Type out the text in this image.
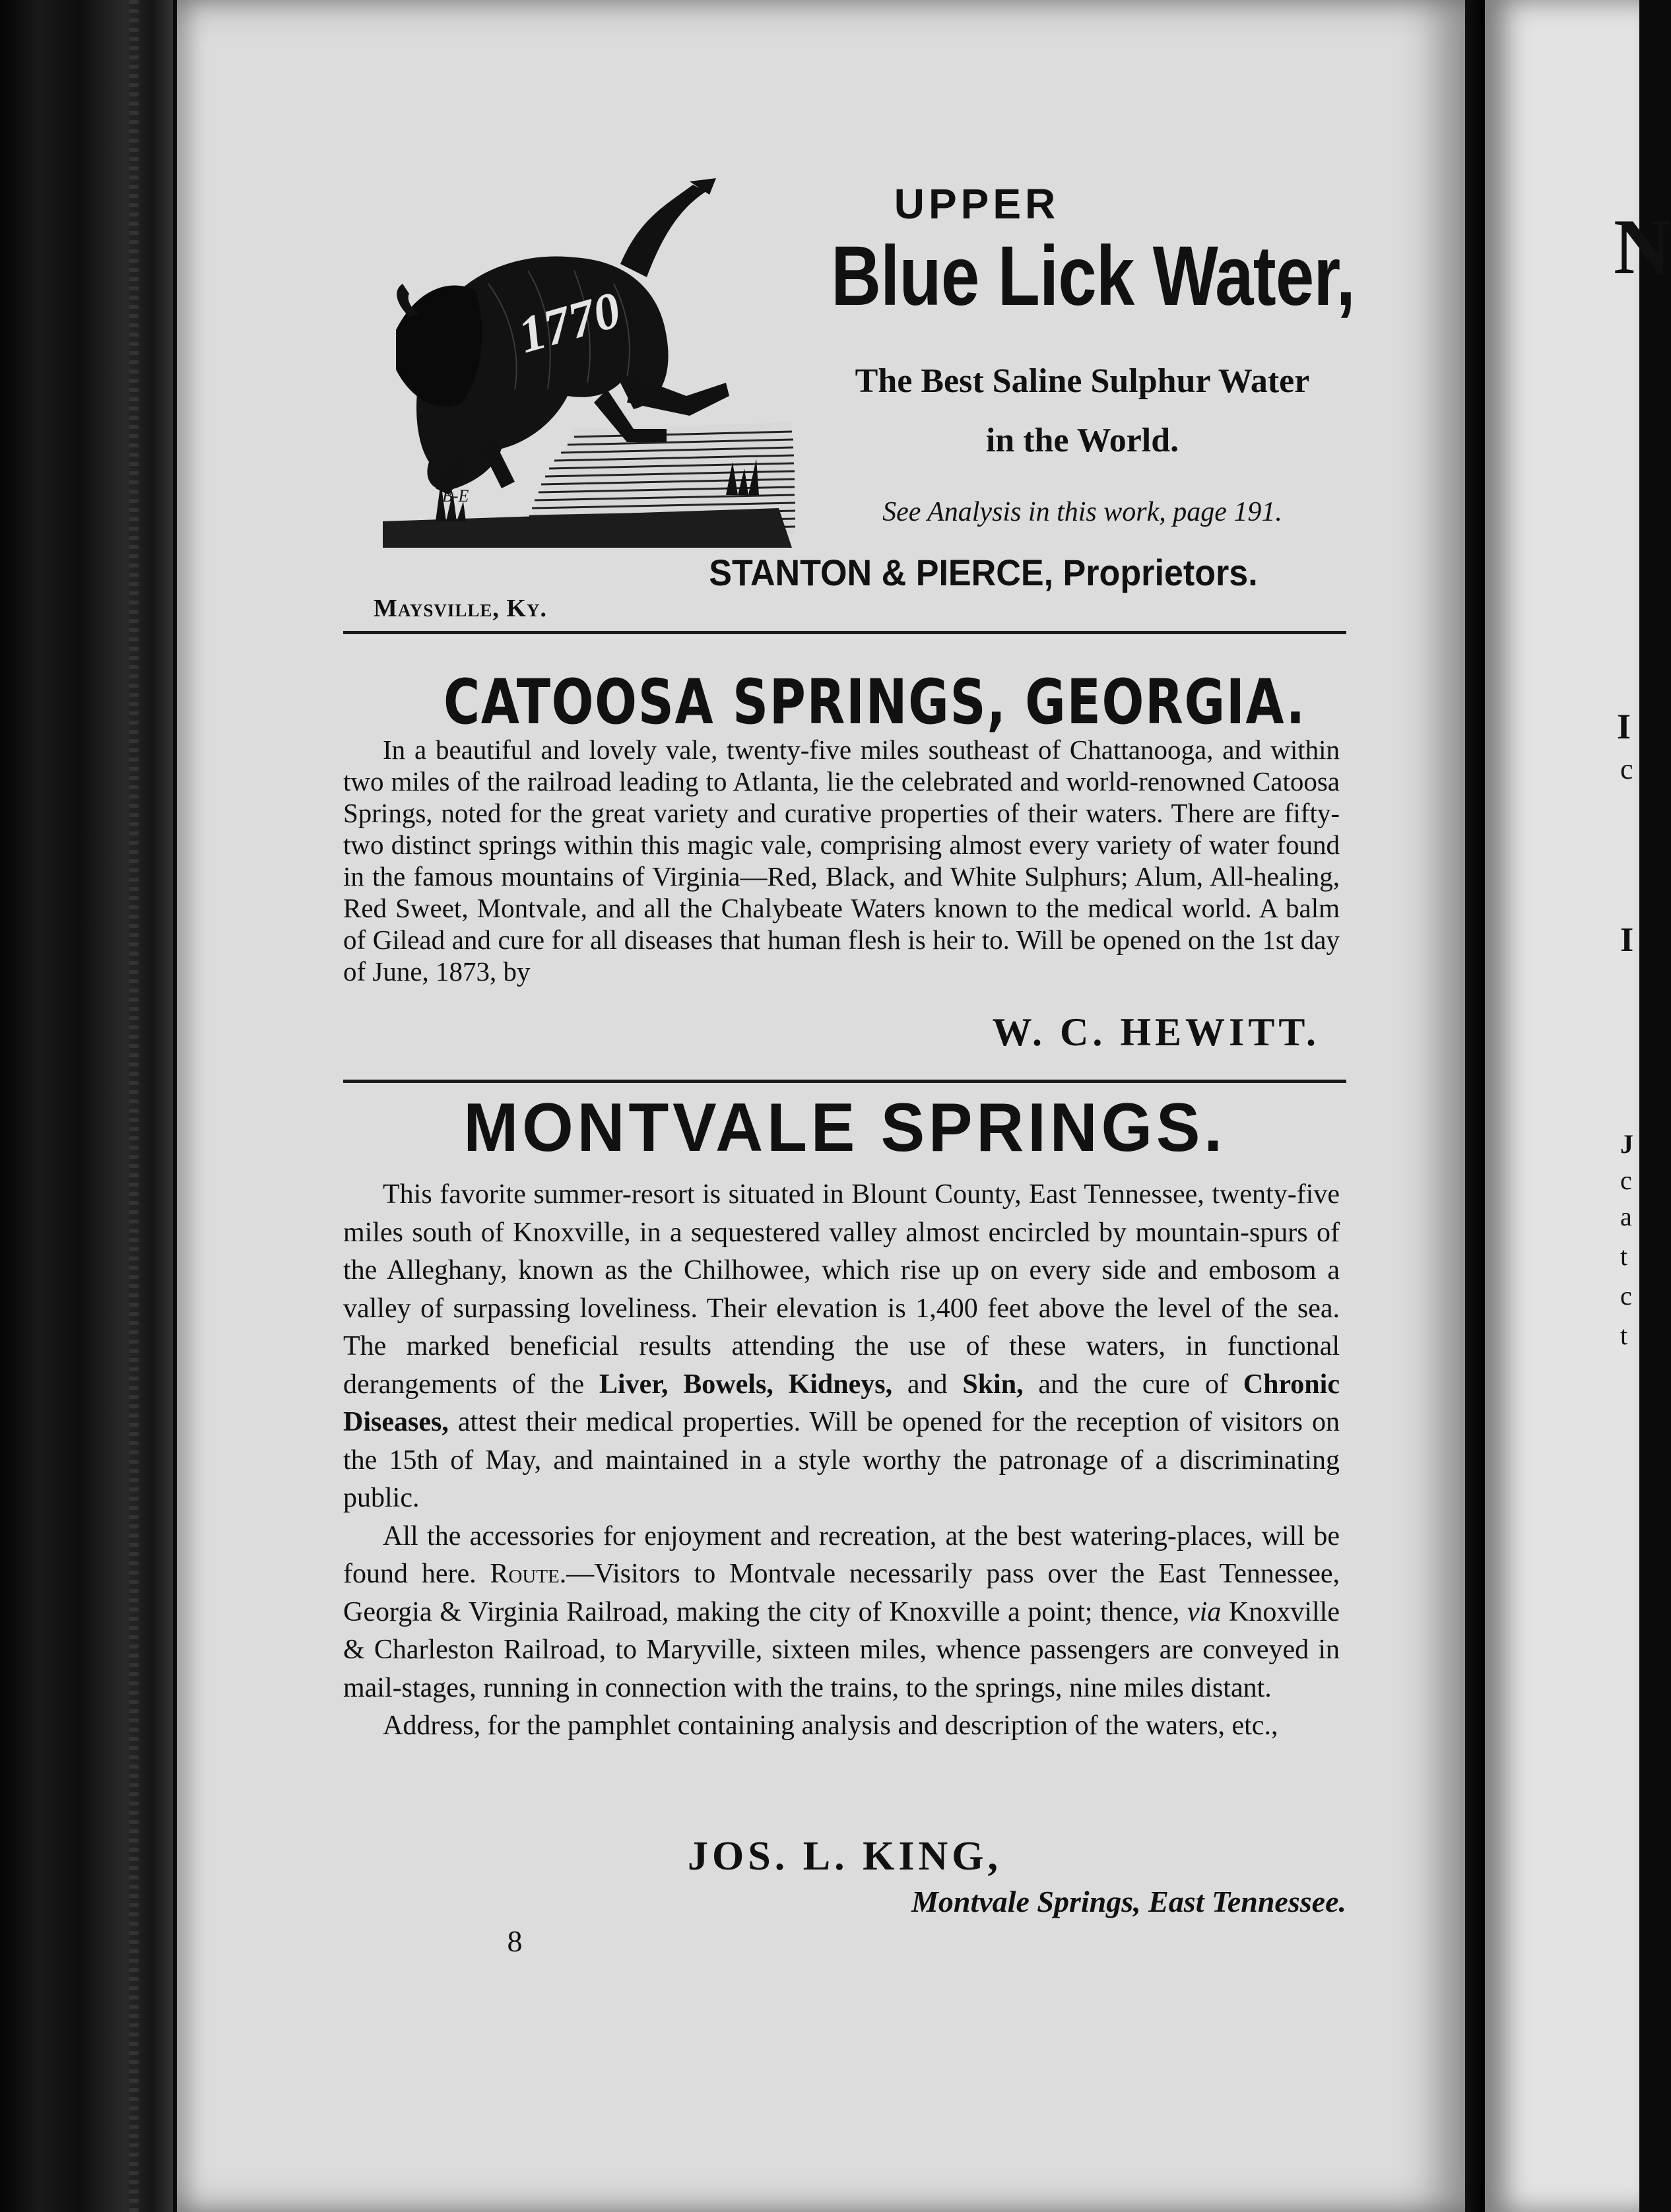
1770
B-E
UPPER
Blue Lick Water,
The Best Saline Sulphur Water
in the World.
See Analysis in this work, page 191.
STANTON & PIERCE, Proprietors.
Maysville, Ky.
CATOOSA SPRINGS, GEORGIA.

In a beautiful and lovely vale, twenty-five miles southeast of Chattanooga, and within two miles of the railroad leading to Atlanta, lie the celebrated and world-renowned Catoosa Springs, noted for the great variety and curative properties of their waters. There are fifty-two distinct springs within this magic vale, comprising almost every variety of water found in the famous mountains of Virginia—Red, Black, and White Sulphurs; Alum, All-healing, Red Sweet, Montvale, and all the Chalybeate Waters known to the medical world. A balm of Gilead and cure for all diseases that human flesh is heir to. Will be opened on the 1st day of June, 1873, by

W. C. HEWITT.
MONTVALE SPRINGS.

This favorite summer-resort is situated in Blount County, East Tennessee, twenty-five miles south of Knoxville, in a sequestered valley almost encircled by mountain-spurs of the Alleghany, known as the Chilhowee, which rise up on every side and embosom a valley of surpassing loveliness. Their elevation is 1,400 feet above the level of the sea. The marked beneficial results attending the use of these waters, in functional derangements of the Liver, Bowels, Kidneys, and Skin, and the cure of Chronic Diseases, attest their medical properties. Will be opened for the reception of visitors on the 15th of May, and maintained in a style worthy the patronage of a discriminating public.

All the accessories for enjoyment and recreation, at the best watering-places, will be found here. Route.—Visitors to Montvale necessarily pass over the East Tennessee, Georgia & Virginia Railroad, making the city of Knoxville a point; thence, via Knoxville & Charleston Railroad, to Maryville, sixteen miles, whence passengers are conveyed in mail-stages, running in connection with the trains, to the springs, nine miles distant.

Address, for the pamphlet containing analysis and description of the waters, etc.,

JOS. L. KING,
Montvale Springs, East Tennessee.
8
N
I
c
I
J
c
a
t
c
t
